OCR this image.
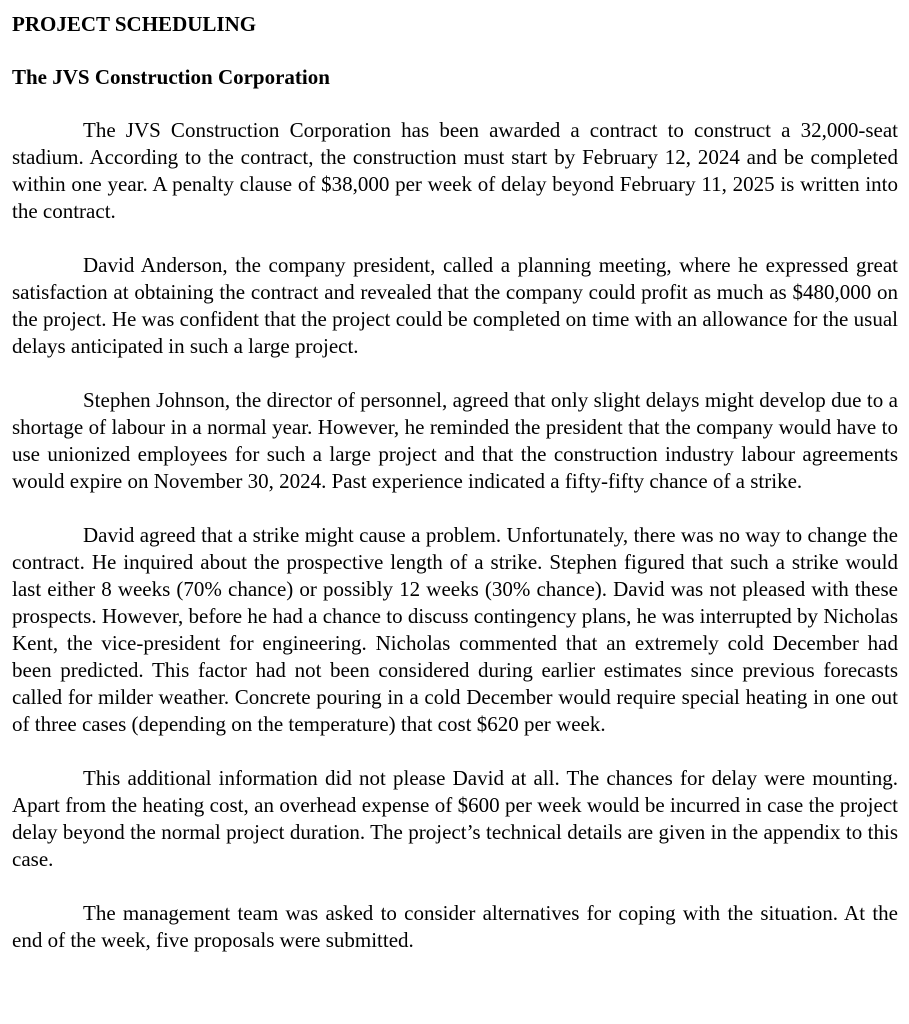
PROJECT SCHEDULING
The JVS Construction Corporation

The JVS Construction Corporation has been awarded a contract to construct a 32,000-seat stadium. According to the contract, the construction must start by February 12, 2024 and be completed within one year. A penalty clause of $38,000 per week of delay beyond February 11, 2025 is written into the contract.

David Anderson, the company president, called a planning meeting, where he expressed great satisfaction at obtaining the contract and revealed that the company could profit as much as $480,000 on the project. He was confident that the project could be completed on time with an allowance for the usual delays anticipated in such a large project.

Stephen Johnson, the director of personnel, agreed that only slight delays might develop due to a shortage of labour in a normal year. However, he reminded the president that the company would have to use unionized employees for such a large project and that the construction industry labour agreements would expire on November 30, 2024. Past experience indicated a fifty-fifty chance of a strike.

David agreed that a strike might cause a problem. Unfortunately, there was no way to change the contract. He inquired about the prospective length of a strike. Stephen figured that such a strike would last either 8 weeks (70% chance) or possibly 12 weeks (30% chance). David was not pleased with these prospects. However, before he had a chance to discuss contingency plans, he was interrupted by Nicholas Kent, the vice-president for engineering. Nicholas commented that an extremely cold December had been predicted. This factor had not been considered during earlier estimates since previous forecasts called for milder weather. Concrete pouring in a cold December would require special heating in one out of three cases (depending on the temperature) that cost $620 per week.

This additional information did not please David at all. The chances for delay were mounting. Apart from the heating cost, an overhead expense of $600 per week would be incurred in case the project delay beyond the normal project duration. The project’s technical details are given in the appendix to this case.

The management team was asked to consider alternatives for coping with the situation. At the end of the week, five proposals were submitted.
